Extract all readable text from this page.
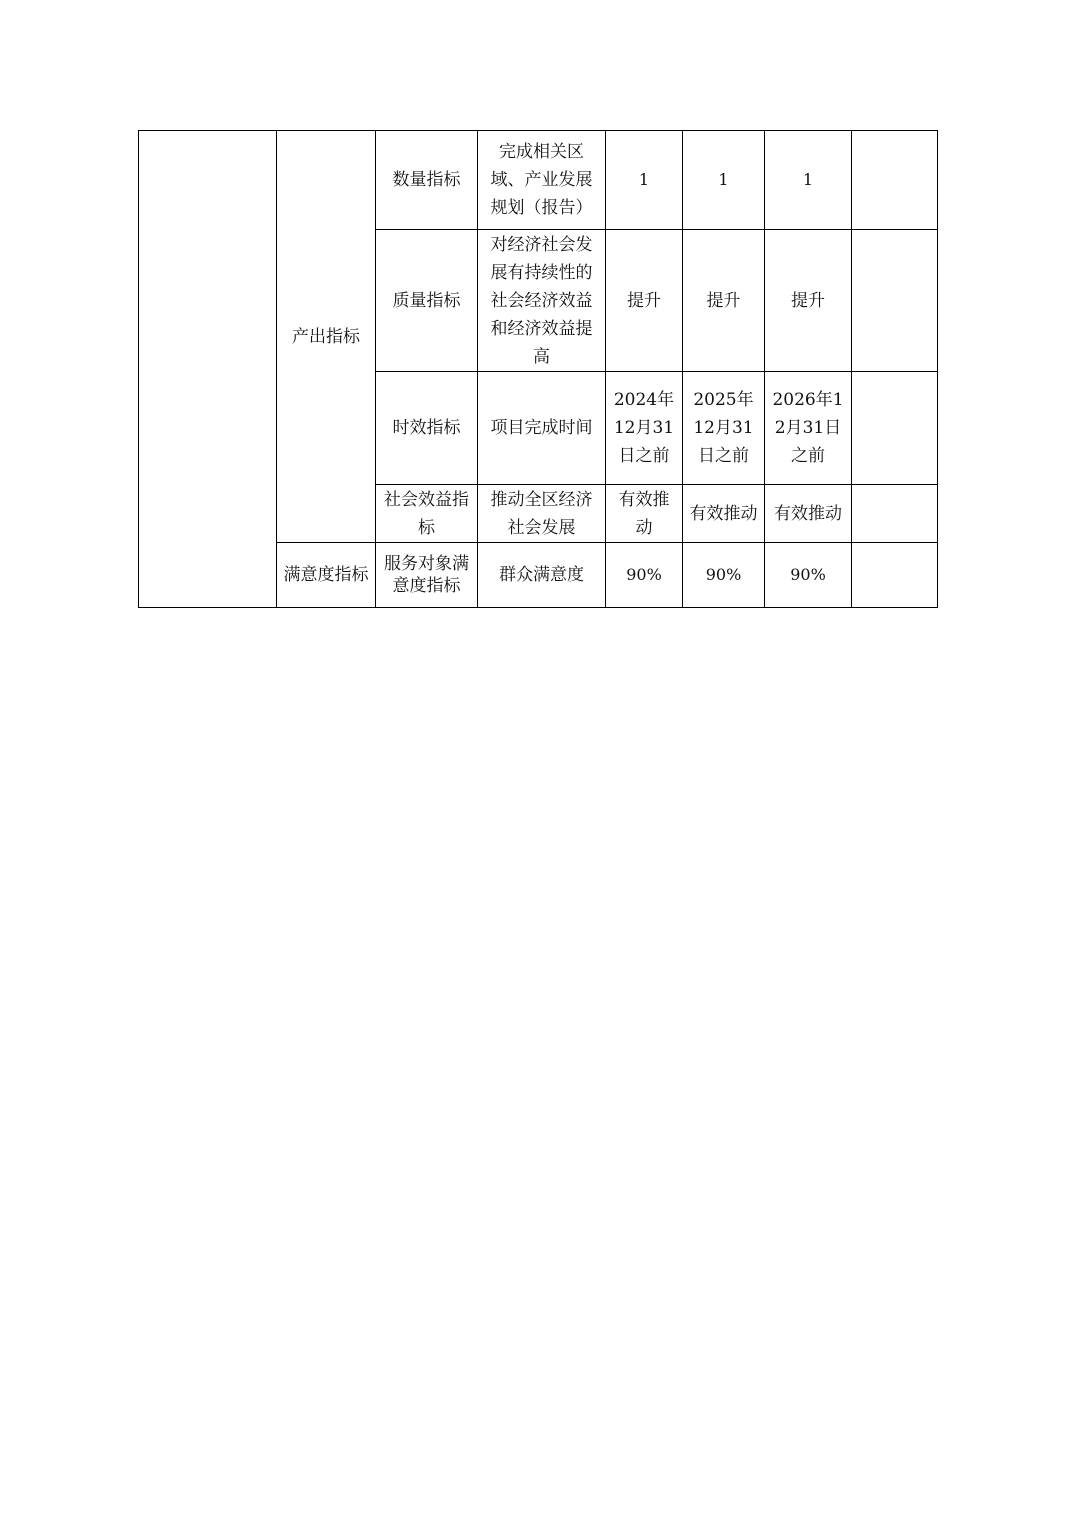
	产出指标	数量指标	完成相关区域、产业发展规划（报告）	1	1	1	
		质量指标	对经济社会发展有持续性的社会经济效益和经济效益提高	提升	提升	提升	
		时效指标	项目完成时间	2024年12月31日之前	2025年12月31日之前	2026年12月31日之前	
		社会效益指标	推动全区经济社会发展	有效推动	有效推动	有效推动	
	满意度指标	服务对象满意度指标	群众满意度	90%	90%	90%	
